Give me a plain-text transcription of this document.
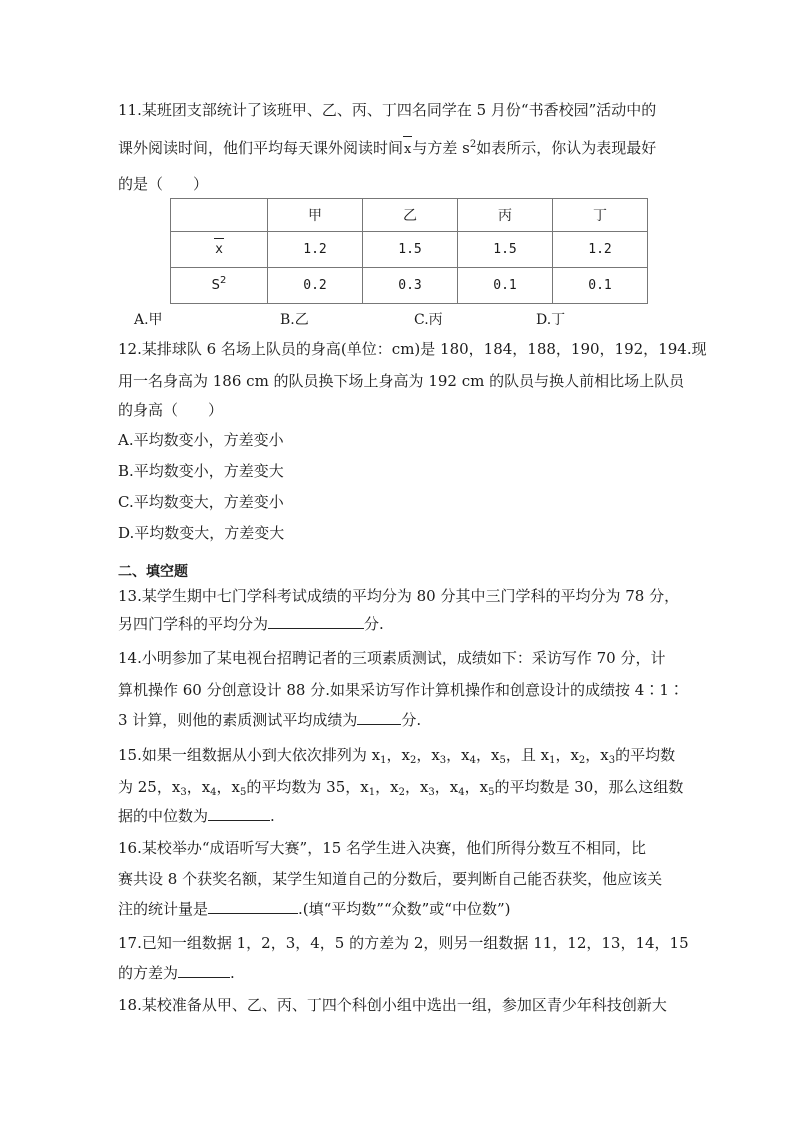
11.某班团支部统计了该班甲、乙、丙、丁四名同学在 5 月份“书香校园”活动中的
课外阅读时间，他们平均每天课外阅读时间x与方差 $s^2$如表所示，你认为表现最好
的是（　　）
	甲	乙	丙	丁
x	1.2	1.5	1.5	1.2
$S^2$	0.2	0.3	0.1	0.1
A.甲	B.乙	C.丙	D.丁
12.某排球队 6 名场上队员的身高(单位：cm)是 180，184，188，190，192，194.现
用一名身高为 186 cm 的队员换下场上身高为 192 cm 的队员与换人前相比场上队员
的身高（　　）
A.平均数变小，方差变小
B.平均数变小，方差变大
C.平均数变大，方差变小
D.平均数变大，方差变大
二、填空题
13.某学生期中七门学科考试成绩的平均分为 80 分其中三门学科的平均分为 78 分，
另四门学科的平均分为	分.
14.小明参加了某电视台招聘记者的三项素质测试，成绩如下：采访写作 70 分，计
算机操作 60 分创意设计 88 分.如果采访写作计算机操作和创意设计的成绩按 4∶1∶
3 计算，则他的素质测试平均成绩为	分.
15.如果一组数据从小到大依次排列为 $x_1$，$x_2$，$x_3$，$x_4$，$x_5$，且 $x_1$，$x_2$，$x_3$的平均数
为 25，$x_3$，$x_4$，$x_5$的平均数为 35，$x_1$，$x_2$，$x_3$，$x_4$，$x_5$的平均数是 30，那么这组数
据的中位数为	.
16.某校举办“成语听写大赛”，15 名学生进入决赛，他们所得分数互不相同，比
赛共设 8 个获奖名额，某学生知道自己的分数后，要判断自己能否获奖，他应该关
注的统计量是	.(填“平均数”“众数”或“中位数”)
17.已知一组数据 1，2，3，4，5 的方差为 2，则另一组数据 11，12，13，14，15
的方差为	.
18.某校准备从甲、乙、丙、丁四个科创小组中选出一组，参加区青少年科技创新大
